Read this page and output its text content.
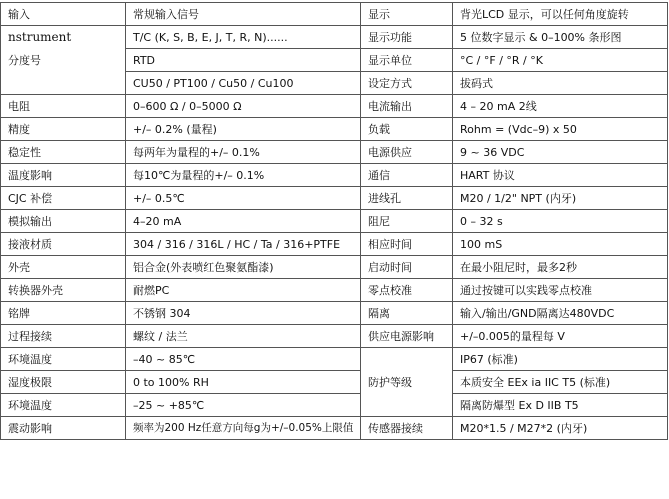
输入	常规输入信号	显示	背光LCD 显示，可以任何角度旋转
nstrument	T/C (K, S, B, E, J, T, R, N)......	显示功能	5 位数字显示 & 0–100% 条形图
分度号	RTD	显示单位	°C / °F / °R / °K
	CU50 / PT100 / Cu50 / Cu100	设定方式	拔码式
电阻	0–600 Ω / 0–5000 Ω	电流输出	4 – 20 mA 2线
精度	+/– 0.2% (量程)	负载	Rohm = (Vdc–9) x 50
稳定性	每两年为量程的+/– 0.1%	电源供应	9 ~ 36 VDC
温度影响	每10℃为量程的+/– 0.1%	通信	HART 协议
CJC 补偿	+/– 0.5℃	进线孔	M20 / 1/2" NPT (内牙)
模拟输出	4–20 mA	阻尼	0 – 32 s
接液材质	304 / 316 / 316L / HC / Ta / 316+PTFE	相应时间	100 mS
外壳	铝合金(外表喷红色聚氨酯漆)	启动时间	在最小阻尼时，最多2秒
转换器外壳	耐燃PC	零点校准	通过按键可以实践零点校准
铭牌	不锈钢 304	隔离	输入/输出/GND隔离达480VDC
过程接续	螺纹 / 法兰	供应电源影响	+/–0.005的量程每 V
环境温度	–40 ~ 85℃		IP67 (标准)
湿度极限	0 to 100% RH	防护等级	本质安全 EEx ia IIC T5 (标准)
环境温度	–25 ~ +85℃		隔离防爆型 Ex D IIB T5
震动影响	频率为200 Hz任意方向每g为+/–0.05%上限值	传感器接续	M20*1.5 / M27*2 (内牙)
